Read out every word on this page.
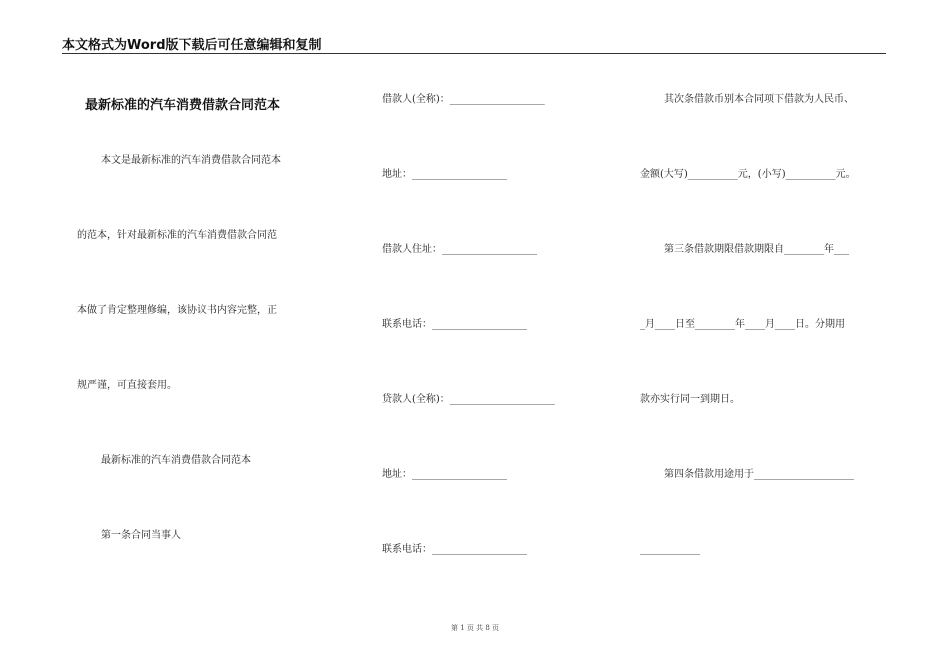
本文格式为Word版下载后可任意编辑和复制
最新标准的汽车消费借款合同范本
本文是最新标准的汽车消费借款合同范本
的范本，针对最新标准的汽车消费借款合同范
本做了肯定整理修编，该协议书内容完整，正
规严谨，可直接套用。
最新标准的汽车消费借款合同范本
第一条合同当事人
借款人(全称)：___________________
地址：___________________
借款人住址：___________________
联系电话：___________________
贷款人(全称)：_____________________
地址：___________________
联系电话：___________________
其次条借款币别本合同项下借款为人民币、
金额(大写)__________元，(小写)__________元。
第三条借款期限借款期限自________年___
_月____日至________年____月____日。分期用
款亦实行同一到期日。
第四条借款用途用于____________________
____________
第 1 页 共 8 页
